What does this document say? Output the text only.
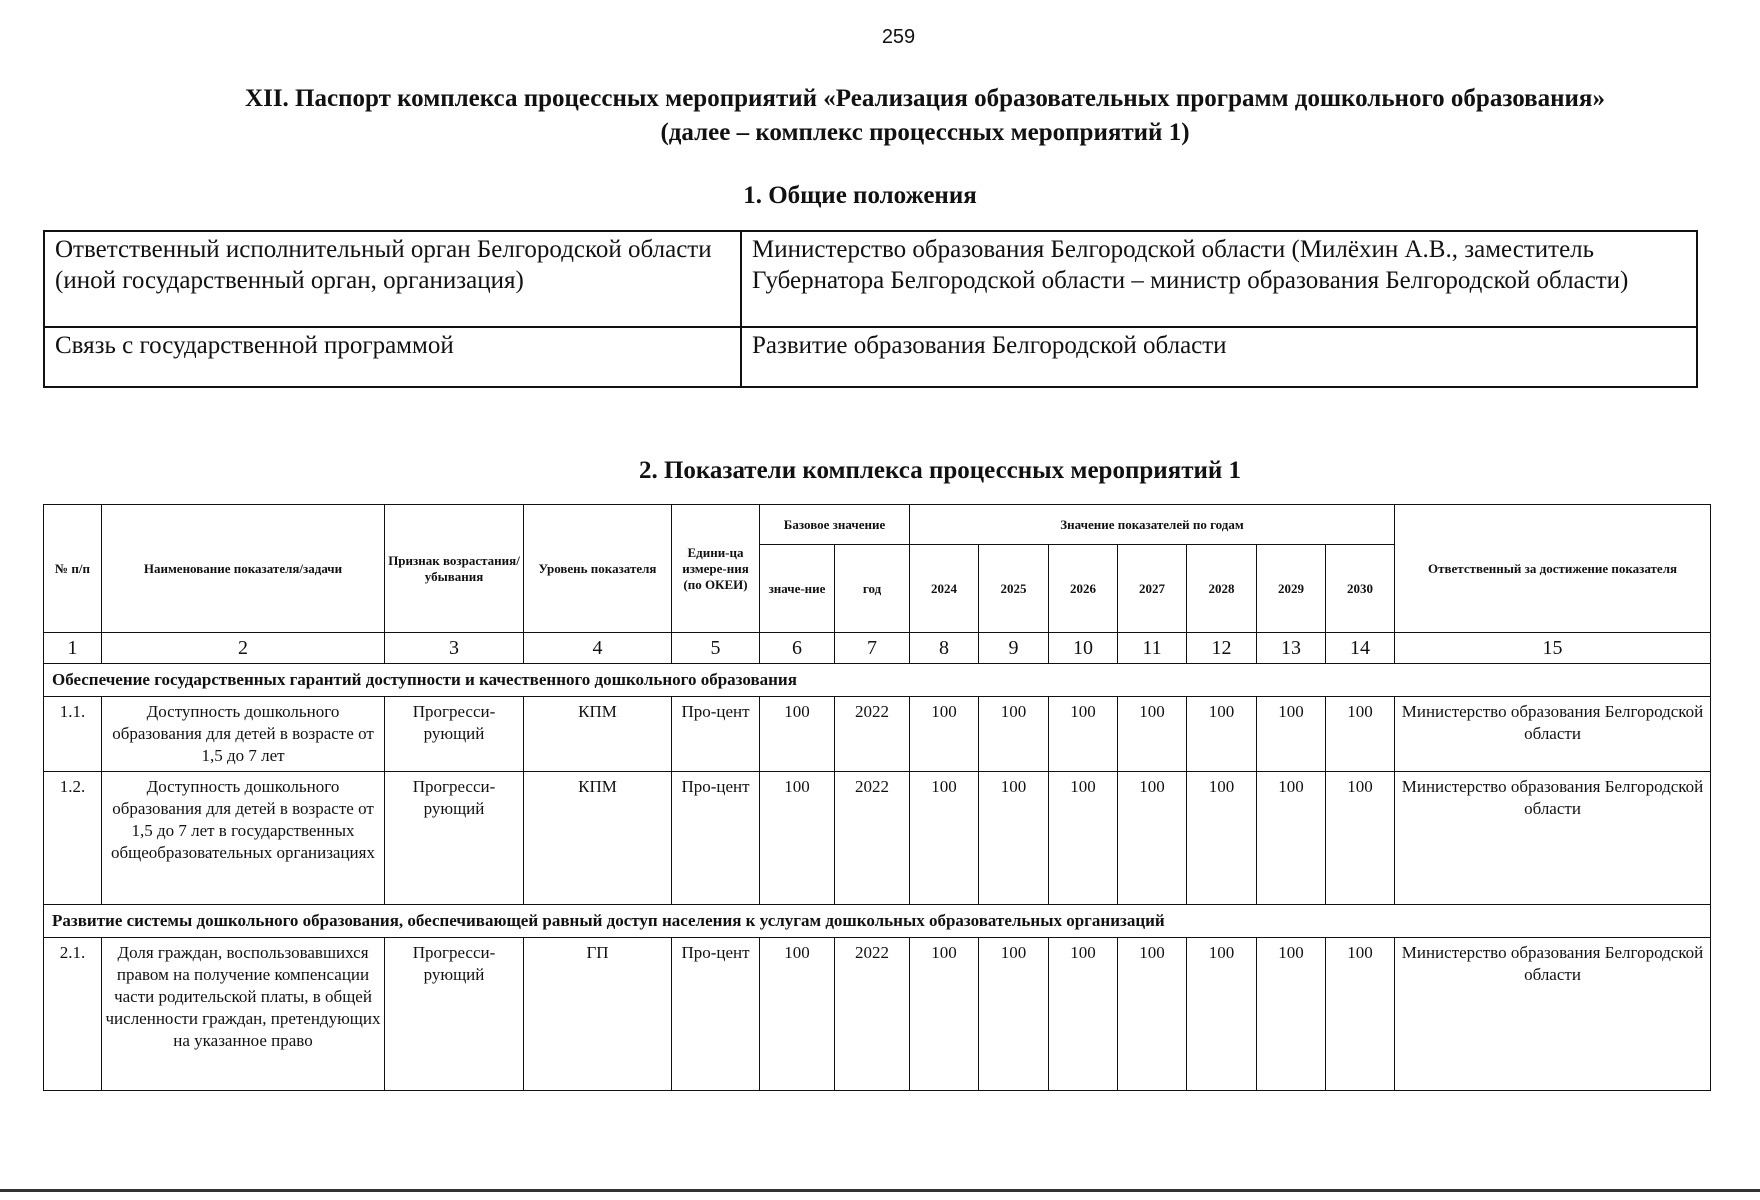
259
XII. Паспорт комплекса процессных мероприятий «Реализация образовательных программ дошкольного образования»
(далее – комплекс процессных мероприятий 1)
1. Общие положения
Ответственный исполнительный орган Белгородской области (иной государственный орган, организация)	Министерство образования Белгородской области (Милёхин А.В., заместитель Губернатора Белгородской области – министр образования Белгородской области)
Связь с государственной программой	Развитие образования Белгородской области
2. Показатели комплекса процессных мероприятий 1
№ п/п	Наименование показателя/задачи	Признак возрастания/ убывания	Уровень показателя	Едини-ца измере-ния (по ОКЕИ)	Базовое значение		Значение показателей по годам							Ответственный за достижение показателя
					значе-ние	год	2024	2025	2026	2027	2028	2029	2030	
1	2	3	4	5	6	7	8	9	10	11	12	13	14	15
Обеспечение государственных гарантий доступности и качественного дошкольного образования														
1.1.	Доступность дошкольного образования для детей в возрасте от 1,5 до 7 лет	Прогресси-рующий	КПМ	Про-цент	100	2022	100	100	100	100	100	100	100	Министерство образования Белгородской области
1.2.	Доступность дошкольного образования для детей в возрасте от 1,5 до 7 лет в государственных общеобразовательных организациях	Прогресси-рующий	КПМ	Про-цент	100	2022	100	100	100	100	100	100	100	Министерство образования Белгородской области
Развитие системы дошкольного образования, обеспечивающей равный доступ населения к услугам дошкольных образовательных организаций														
2.1.	Доля граждан, воспользовавшихся правом на получение компенсации части родительской платы, в общей численности граждан, претендующих на указанное право	Прогресси-рующий	ГП	Про-цент	100	2022	100	100	100	100	100	100	100	Министерство образования Белгородской области
